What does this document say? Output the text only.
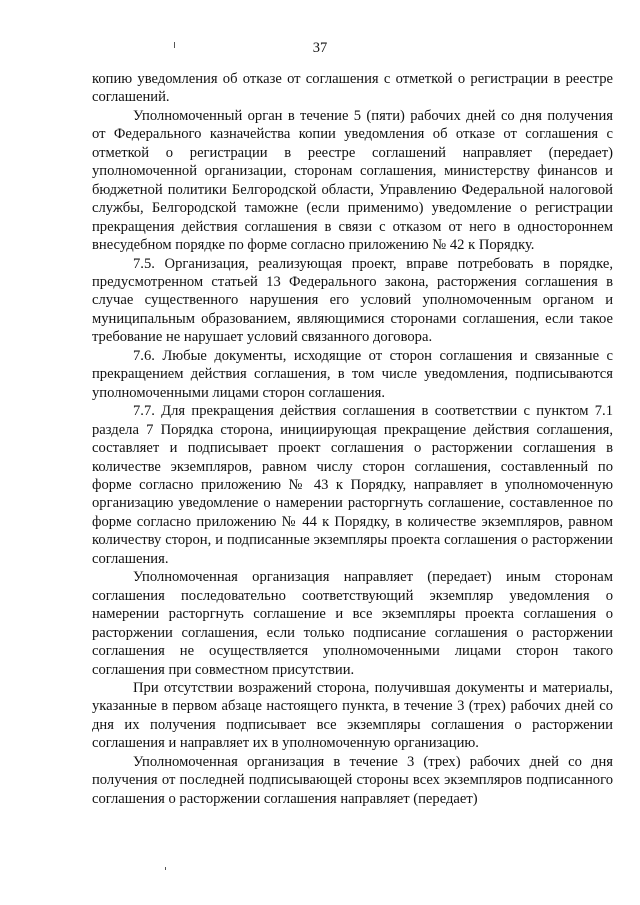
37

копию уведомления об отказе от соглашения с отметкой о регистрации в реестре соглашений.

Уполномоченный орган в течение 5 (пяти) рабочих дней со дня получения от Федерального казначейства копии уведомления об отказе от соглашения с отметкой о регистрации в реестре соглашений направляет (передает) уполномоченной организации, сторонам соглашения, министерству финансов и бюджетной политики Белгородской области, Управлению Федеральной налоговой службы, Белгородской таможне (если применимо) уведомление о регистрации прекращения действия соглашения в связи с отказом от него в одностороннем внесудебном порядке по форме согласно приложению № 42 к Порядку.

7.5. Организация, реализующая проект, вправе потребовать в порядке, предусмотренном статьей 13 Федерального закона, расторжения соглашения в случае существенного нарушения его условий уполномоченным органом и муниципальным образованием, являющимися сторонами соглашения, если такое требование не нарушает условий связанного договора.

7.6. Любые документы, исходящие от сторон соглашения и связанные с прекращением действия соглашения, в том числе уведомления, подписываются уполномоченными лицами сторон соглашения.

7.7. Для прекращения действия соглашения в соответствии с пунктом 7.1 раздела 7 Порядка сторона, инициирующая прекращение действия соглашения, составляет и подписывает проект соглашения о расторжении соглашения в количестве экземпляров, равном числу сторон соглашения, составленный по форме согласно приложению № 43 к Порядку, направляет в уполномоченную организацию уведомление о намерении расторгнуть соглашение, составленное по форме согласно приложению № 44 к Порядку, в количестве экземпляров, равном количеству сторон, и подписанные экземпляры проекта соглашения о расторжении соглашения.

Уполномоченная организация направляет (передает) иным сторонам соглашения последовательно соответствующий экземпляр уведомления о намерении расторгнуть соглашение и все экземпляры проекта соглашения о расторжении соглашения, если только подписание соглашения о расторжении соглашения не осуществляется уполномоченными лицами сторон такого соглашения при совместном присутствии.

При отсутствии возражений сторона, получившая документы и материалы, указанные в первом абзаце настоящего пункта, в течение 3 (трех) рабочих дней со дня их получения подписывает все экземпляры соглашения о расторжении соглашения и направляет их в уполномоченную организацию.

Уполномоченная организация в течение 3 (трех) рабочих дней со дня получения от последней подписывающей стороны всех экземпляров подписанного соглашения о расторжении соглашения направляет (передает)
